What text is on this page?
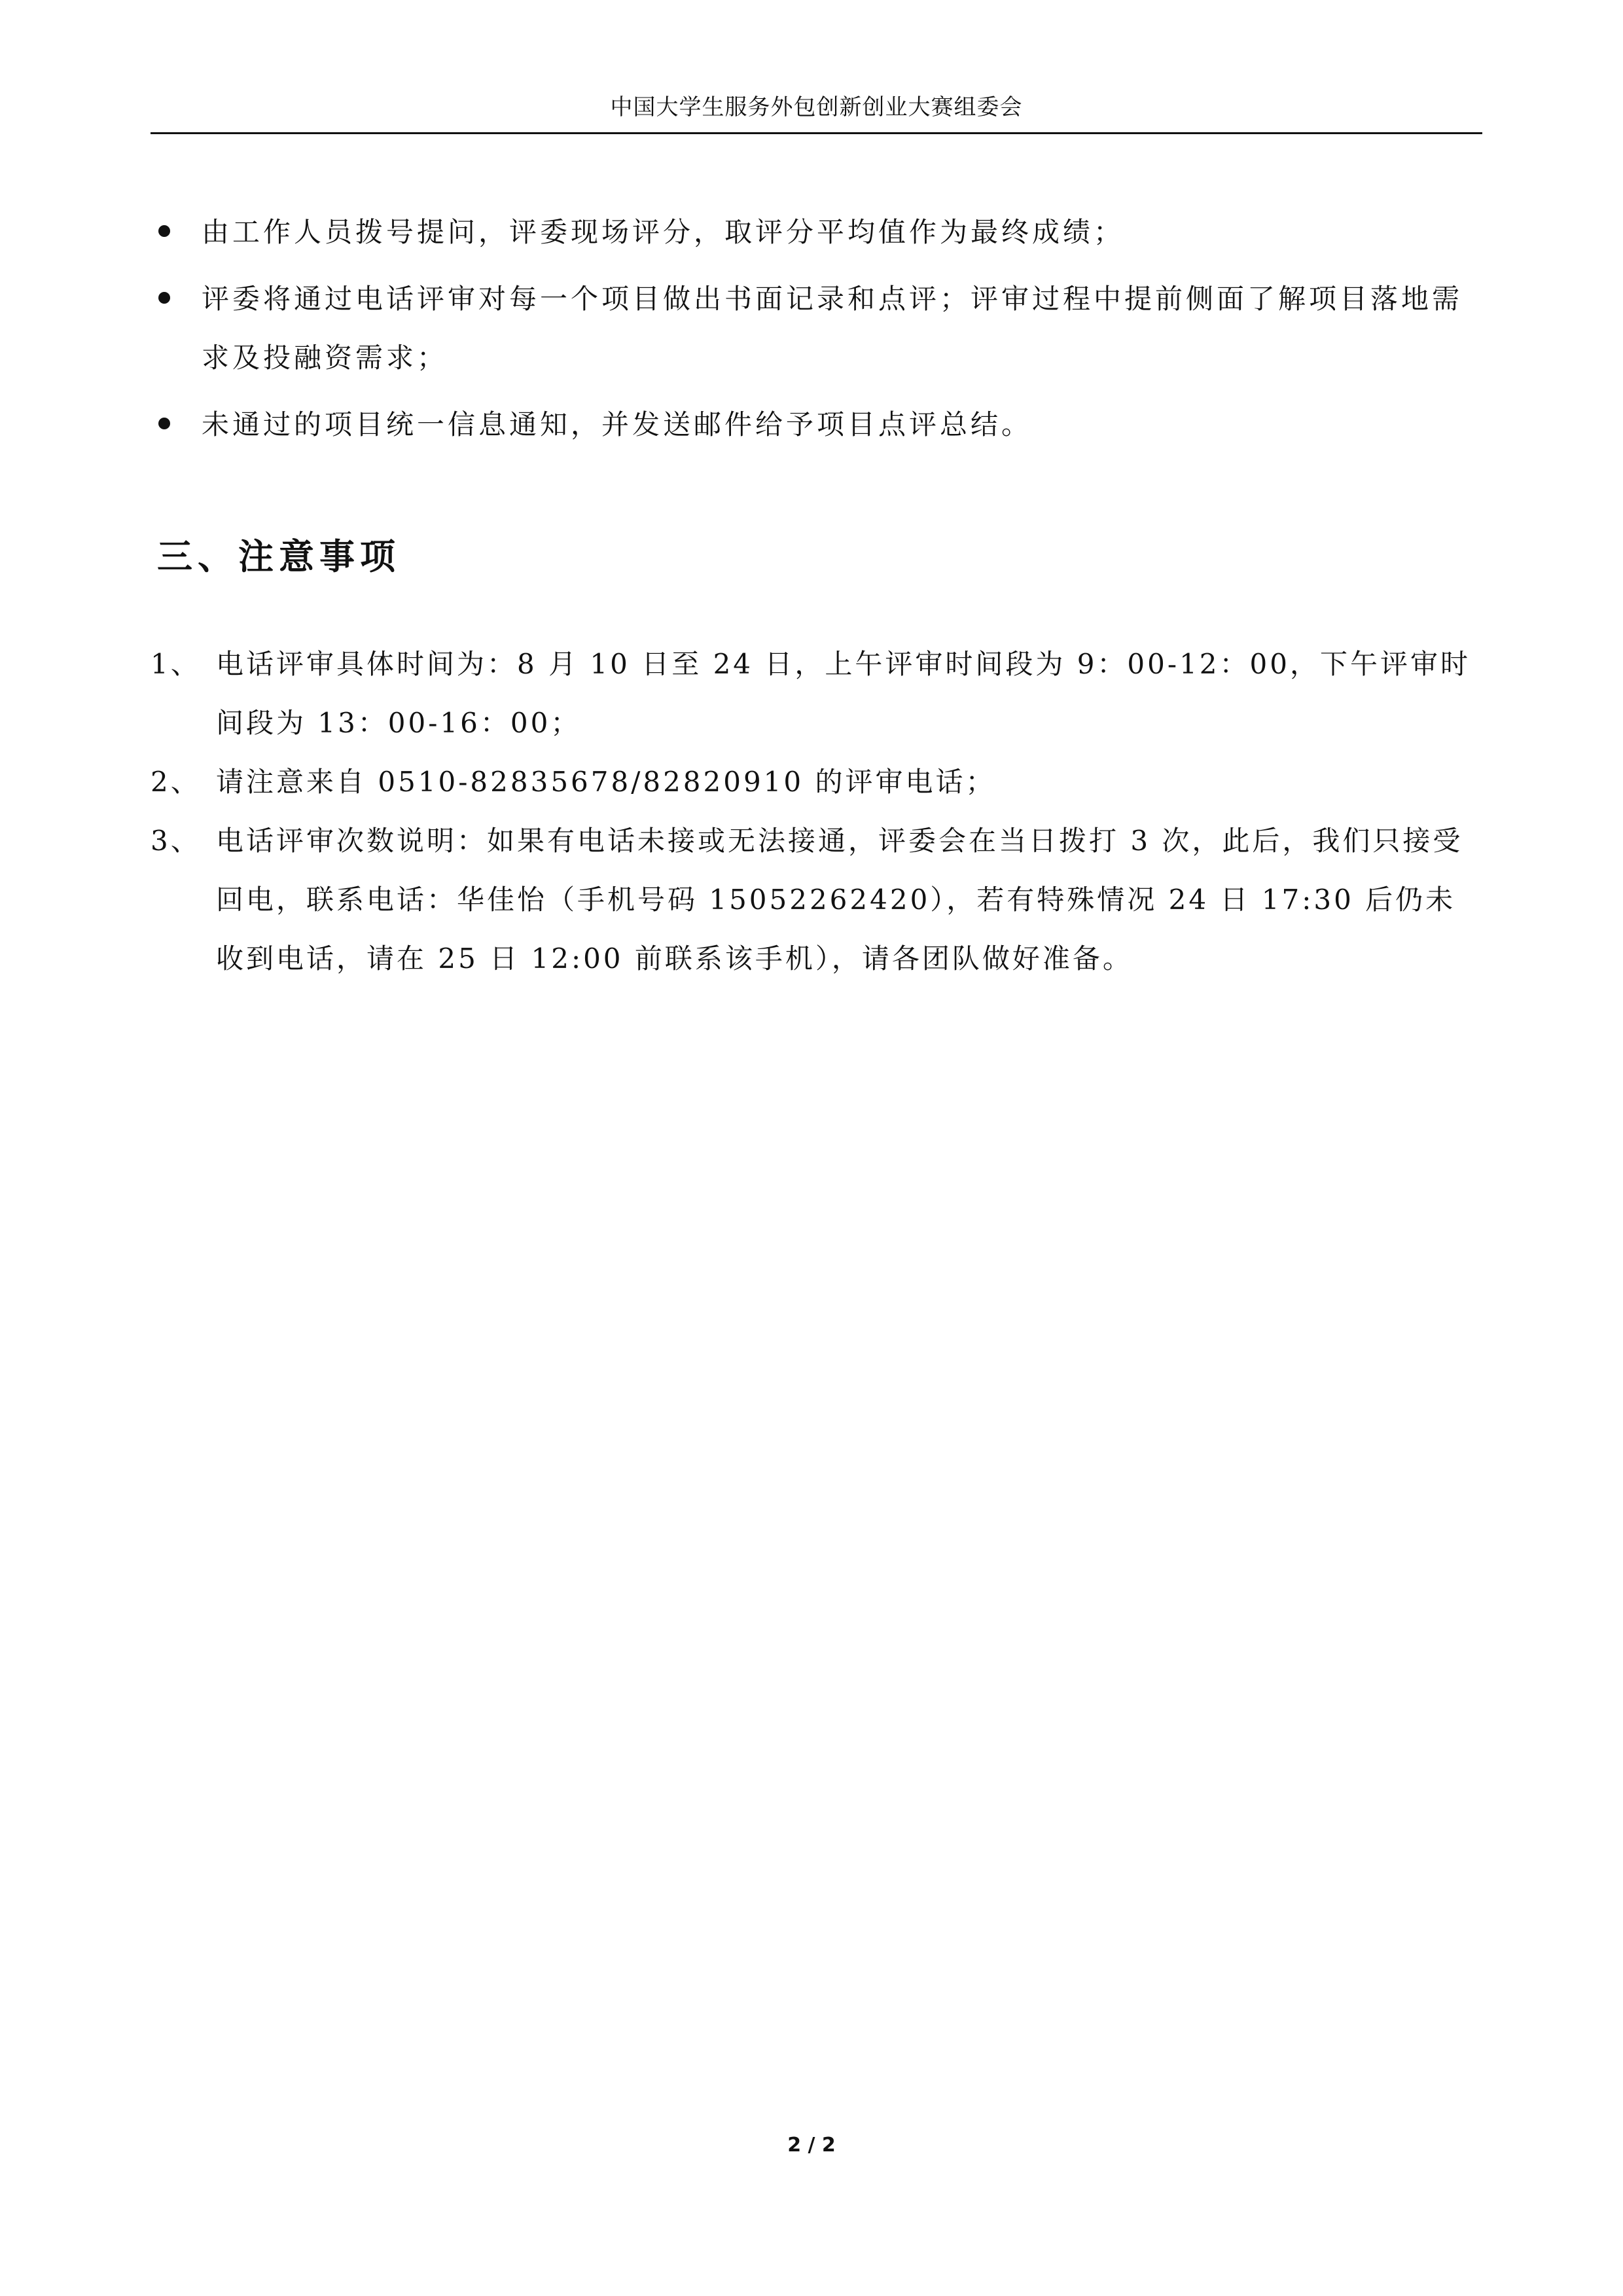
中国大学生服务外包创新创业大赛组委会
由工作人员拨号提问，评委现场评分，取评分平均值作为最终成绩；
评委将通过电话评审对每一个项目做出书面记录和点评；评审过程中提前侧面了解项目落地需求及投融资需求；
未通过的项目统一信息通知，并发送邮件给予项目点评总结。
三、注意事项
1、 电话评审具体时间为：8 月 10 日至 24 日，上午评审时间段为 9：00-12：00，下午评审时间段为 13：00-16：00；
2、 请注意来自 0510-82835678/82820910 的评审电话；
3、 电话评审次数说明：如果有电话未接或无法接通，评委会在当日拨打 3 次，此后，我们只接受回电，联系电话：华佳怡（手机号码 15052262420），若有特殊情况 24 日 17:30 后仍未收到电话，请在 25 日 12:00 前联系该手机），请各团队做好准备。
2 / 2
